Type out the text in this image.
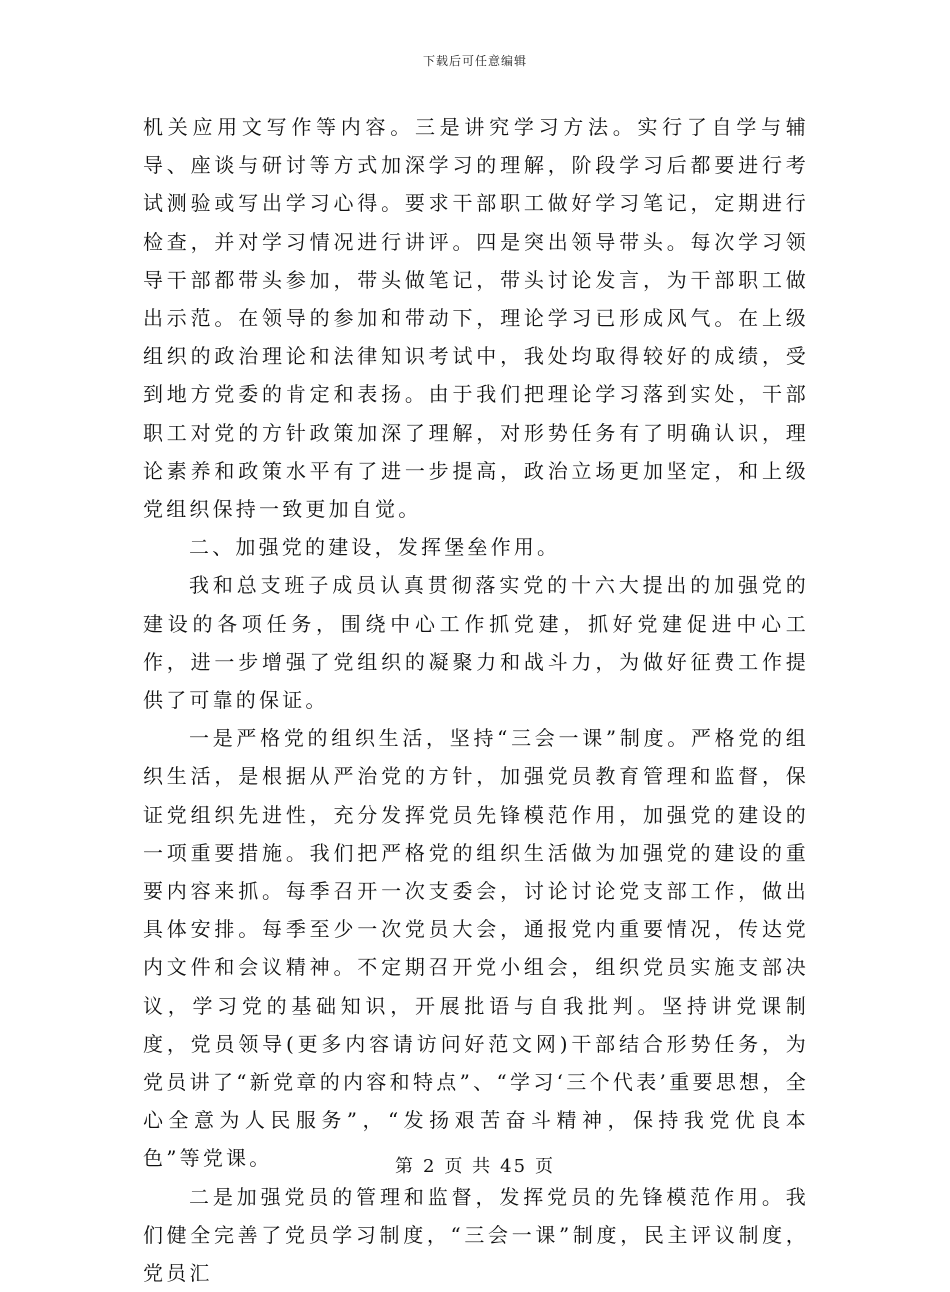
下载后可任意编辑

机关应用文写作等内容。三是讲究学习方法。实行了自学与辅导、座谈与研讨等方式加深学习的理解，阶段学习后都要进行考试测验或写出学习心得。要求干部职工做好学习笔记，定期进行检查，并对学习情况进行讲评。四是突出领导带头。每次学习领导干部都带头参加，带头做笔记，带头讨论发言，为干部职工做出示范。在领导的参加和带动下，理论学习已形成风气。在上级组织的政治理论和法律知识考试中，我处均取得较好的成绩，受到地方党委的肯定和表扬。由于我们把理论学习落到实处，干部职工对党的方针政策加深了理解，对形势任务有了明确认识，理论素养和政策水平有了进一步提高，政治立场更加坚定，和上级党组织保持一致更加自觉。

二、加强党的建设，发挥堡垒作用。

我和总支班子成员认真贯彻落实党的十六大提出的加强党的建设的各项任务，围绕中心工作抓党建，抓好党建促进中心工作，进一步增强了党组织的凝聚力和战斗力，为做好征费工作提供了可靠的保证。

一是严格党的组织生活，坚持“三会一课”制度。严格党的组织生活，是根据从严治党的方针，加强党员教育管理和监督，保证党组织先进性，充分发挥党员先锋模范作用，加强党的建设的一项重要措施。我们把严格党的组织生活做为加强党的建设的重要内容来抓。每季召开一次支委会，讨论讨论党支部工作，做出具体安排。每季至少一次党员大会，通报党内重要情况，传达党内文件和会议精神。不定期召开党小组会，组织党员实施支部决议，学习党的基础知识，开展批语与自我批判。坚持讲党课制度，党员领导(更多内容请访问好范文网)干部结合形势任务，为党员讲了“新党章的内容和特点”、“学习‘三个代表’重要思想，全心全意为人民服务”，“发扬艰苦奋斗精神，保持我党优良本色”等党课。

二是加强党员的管理和监督，发挥党员的先锋模范作用。我们健全完善了党员学习制度，“三会一课”制度，民主评议制度，党员汇

第 2 页 共 45 页
